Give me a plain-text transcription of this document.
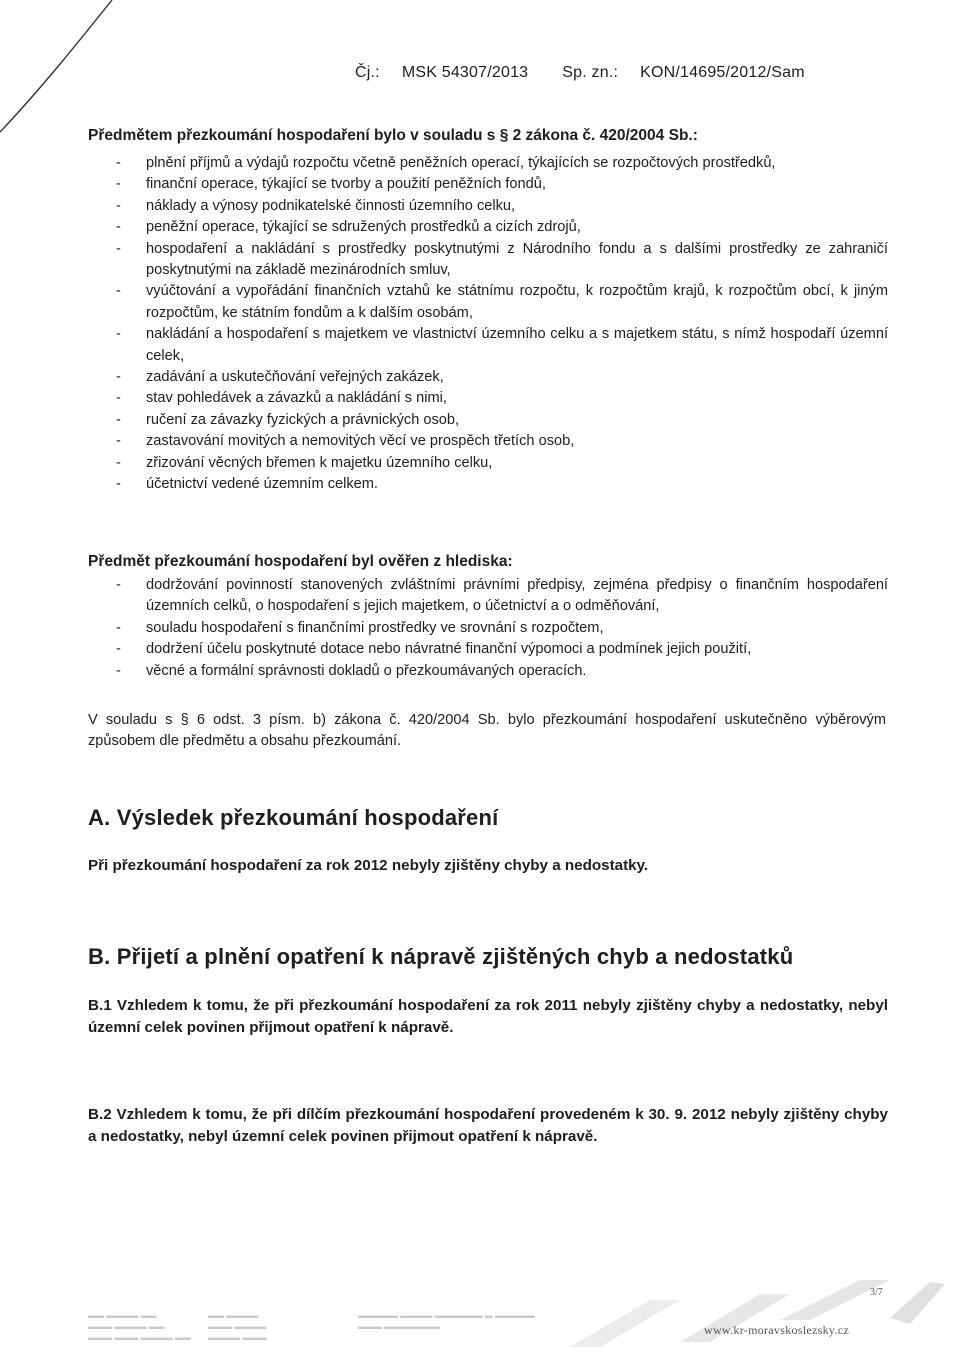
Čj.: MSK 54307/2013 Sp. zn.: KON/14695/2012/Sam
Předmětem přezkoumání hospodaření bylo v souladu s § 2 zákona č. 420/2004 Sb.:
- plnění příjmů a výdajů rozpočtu včetně peněžních operací, týkajících se rozpočtových prostředků,
- finanční operace, týkající se tvorby a použití peněžních fondů,
- náklady a výnosy podnikatelské činnosti územního celku,
- peněžní operace, týkající se sdružených prostředků a cizích zdrojů,
- hospodaření a nakládání s prostředky poskytnutými z Národního fondu a s dalšími prostředky ze zahraničí poskytnutými na základě mezinárodních smluv,
- vyúčtování a vypořádání finančních vztahů ke státnímu rozpočtu, k rozpočtům krajů, k rozpočtům obcí, k jiným rozpočtům, ke státním fondům a k dalším osobám,
- nakládání a hospodaření s majetkem ve vlastnictví územního celku a s majetkem státu, s nímž hospodaří územní celek,
- zadávání a uskutečňování veřejných zakázek,
- stav pohledávek a závazků a nakládání s nimi,
- ručení za závazky fyzických a právnických osob,
- zastavování movitých a nemovitých věcí ve prospěch třetích osob,
- zřizování věcných břemen k majetku územního celku,
- účetnictví vedené územním celkem.
Předmět přezkoumání hospodaření byl ověřen z hlediska:
- dodržování povinností stanovených zvláštními právními předpisy, zejména předpisy o finančním hospodaření územních celků, o hospodaření s jejich majetkem, o účetnictví a o odměňování,
- souladu hospodaření s finančními prostředky ve srovnání s rozpočtem,
- dodržení účelu poskytnuté dotace nebo návratné finanční výpomoci a podmínek jejich použití,
- věcné a formální správnosti dokladů o přezkoumávaných operacích.
V souladu s § 6 odst. 3 písm. b) zákona č. 420/2004 Sb. bylo přezkoumání hospodaření uskutečněno výběrovým způsobem dle předmětu a obsahu přezkoumání.
A. Výsledek přezkoumání hospodaření
Při přezkoumání hospodaření za rok 2012 nebyly zjištěny chyby a nedostatky.
B. Přijetí a plnění opatření k nápravě zjištěných chyb a nedostatků
B.1 Vzhledem k tomu, že při přezkoumání hospodaření za rok 2011 nebyly zjištěny chyby a nedostatky, nebyl územní celek povinen přijmout opatření k nápravě.
B.2 Vzhledem k tomu, že při dílčím přezkoumání hospodaření provedeném k 30. 9. 2012 nebyly zjištěny chyby a nedostatky, nebyl územní celek povinen přijmout opatření k nápravě.
▬▬ ▬▬▬▬ ▬▬
▬▬▬ ▬▬▬▬ ▬▬
▬▬▬ ▬▬▬ ▬▬▬▬ ▬▬
▬▬ ▬▬▬▬
▬▬▬ ▬▬▬▬
▬▬▬▬ ▬▬▬
▬▬▬▬▬ ▬▬▬▬ ▬▬▬▬▬▬ ▬ ▬▬▬▬▬
▬▬▬ ▬▬▬▬▬▬▬
3/7
www.kr-moravskoslezsky.cz
